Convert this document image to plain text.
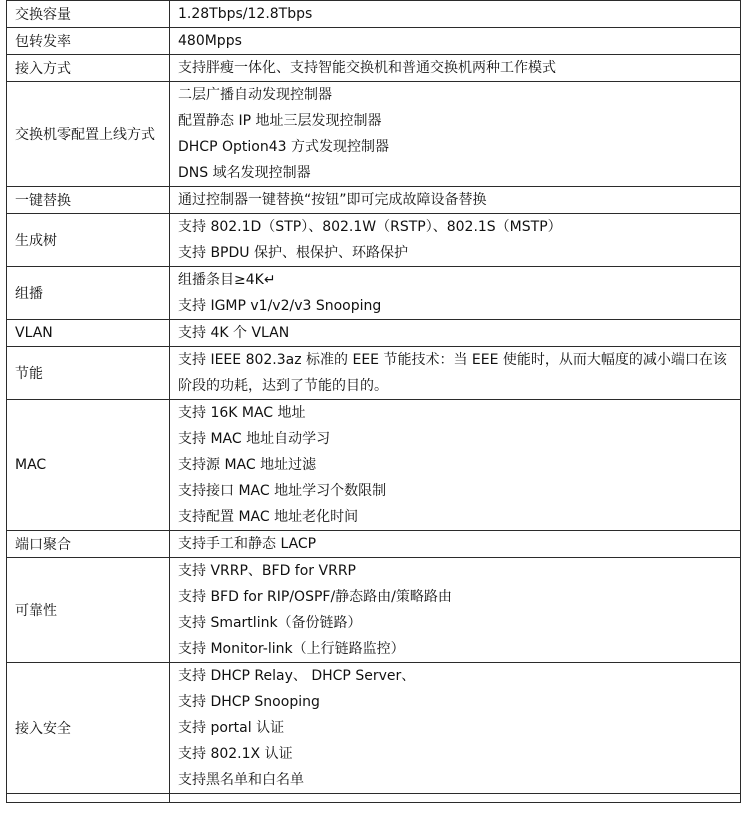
交换容量	1.28Tbps/12.8Tbps

包转发率	480Mpps

接入方式	支持胖瘦一体化、支持智能交换机和普通交换机两种工作模式

交换机零配置上线方式	二层广播自动发现控制器
配置静态 IP 地址三层发现控制器
DHCP Option43 方式发现控制器
DNS 域名发现控制器

一键替换	通过控制器一键替换“按钮”即可完成故障设备替换

生成树	支持 802.1D（STP）、802.1W（RSTP）、802.1S（MSTP）
支持 BPDU 保护、根保护、环路保护

组播	组播条目≥4K↵
支持 IGMP v1/v2/v3 Snooping

VLAN	支持 4K 个 VLAN

节能	支持 IEEE 802.3az 标准的 EEE 节能技术：当 EEE 使能时，从而大幅度的减小端口在该阶段的功耗，达到了节能的目的。

MAC	支持 16K MAC 地址
支持 MAC 地址自动学习
支持源 MAC 地址过滤
支持接口 MAC 地址学习个数限制
支持配置 MAC 地址老化时间

端口聚合	支持手工和静态 LACP

可靠性	支持 VRRP、BFD for VRRP
支持 BFD for RIP/OSPF/静态路由/策略路由
支持 Smartlink（备份链路）
支持 Monitor-link（上行链路监控）

接入安全	支持 DHCP Relay、 DHCP Server、
支持 DHCP Snooping
支持 portal 认证
支持 802.1X 认证
支持黑名单和白名单
